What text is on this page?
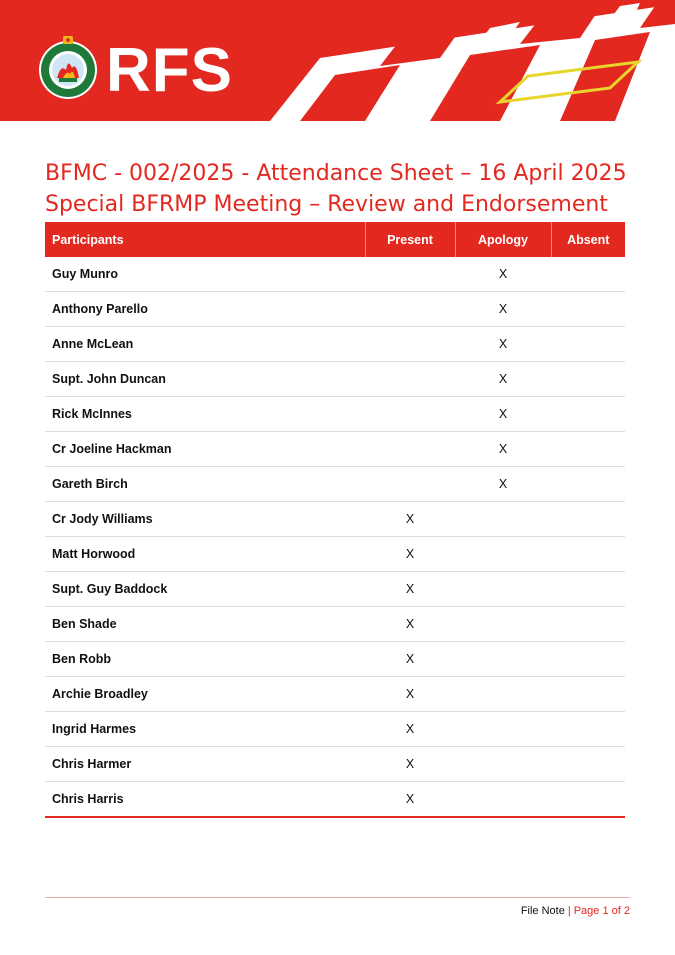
RFS
BFMC - 002/2025 - Attendance Sheet – 16 April 2025
Special BFRMP Meeting – Review and Endorsement
Participants	Present	Apology	Absent
Guy Munro		X	
Anthony Parello		X	
Anne McLean		X	
Supt. John Duncan		X	
Rick McInnes		X	
Cr Joeline Hackman		X	
Gareth Birch		X	
Cr Jody Williams	X		
Matt Horwood	X		
Supt. Guy Baddock	X		
Ben Shade	X		
Ben Robb	X		
Archie Broadley	X		
Ingrid Harmes	X		
Chris Harmer	X		
Chris Harris	X		
File Note | Page 1 of 2
